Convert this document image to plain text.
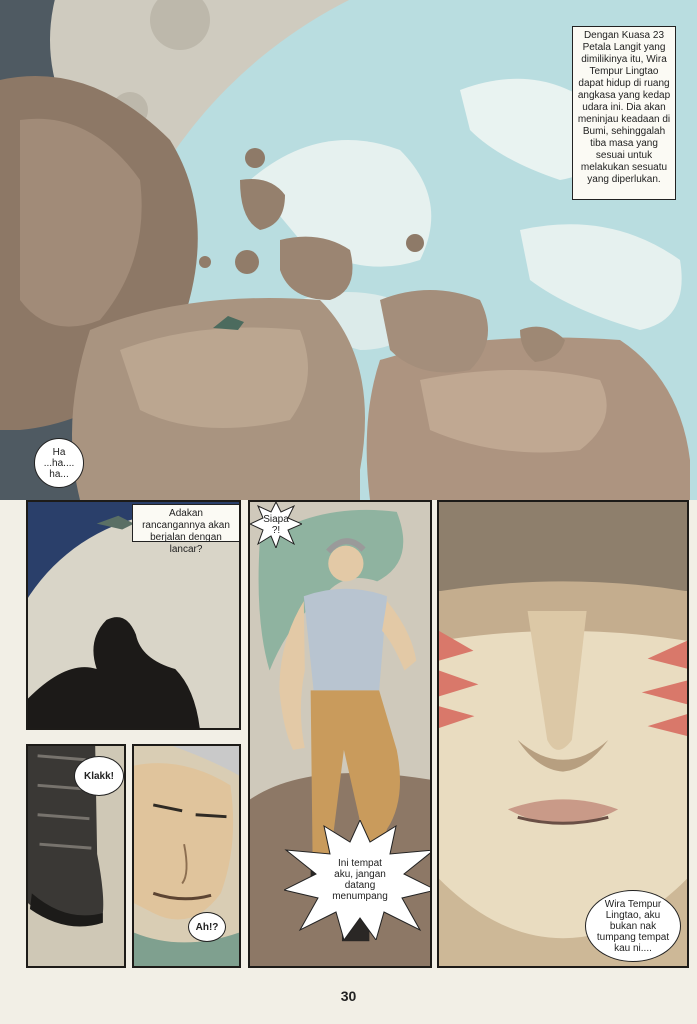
Dengan Kuasa 23 Petala Langit yang dimilikinya itu, Wira Tempur Lingtao dapat hidup di ruang angkasa yang kedap udara ini. Dia akan meninjau keadaan di Bumi, sehinggalah tiba masa yang sesuai untuk melakukan sesuatu yang diperlukan.
Ha
...ha....
ha...
Adakan rancangannya akan berjalan dengan lancar?
Siapa ?!
Ini tempat
aku, jangan
datang
menumpang
Wira Tempur
Lingtao, aku
bukan nak
tumpang tempat
kau ni....
Klakk!
Ah!?
30
